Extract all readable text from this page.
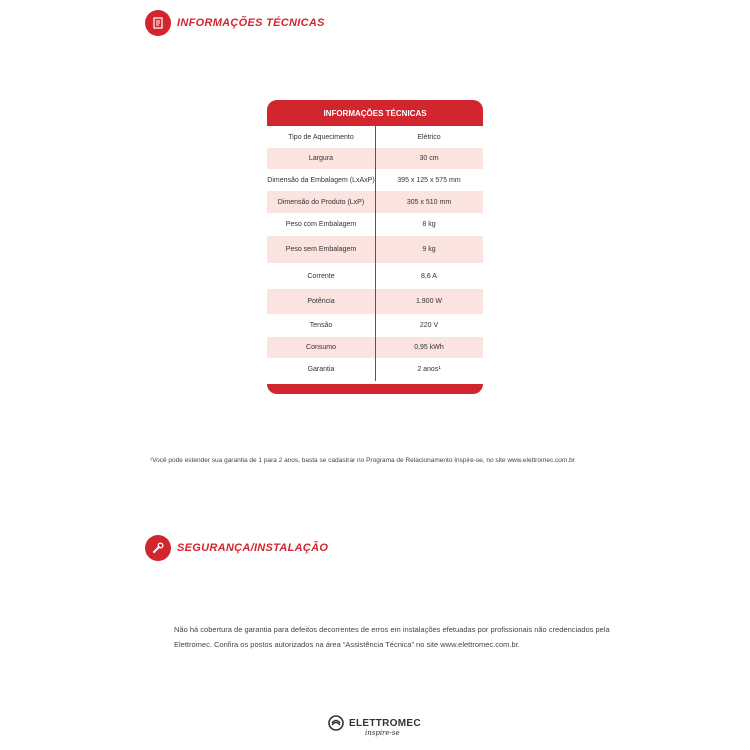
INFORMAÇÕES TÉCNICAS
INFORMAÇÕES TÉCNICAS
Tipo de Aquecimento	Elétrico
Largura	30 cm
Dimensão da Embalagem (LxAxP)	395 x 125 x 575 mm
Dimensão do Produto (LxP)	305 x 510 mm
Peso com Embalagem	8 kg
Peso sem Embalagem	9 kg
Corrente	8,6 A
Potência	1.900 W
Tensão	220 V
Consumo	0,95 kWh
Garantia	2 anos¹
¹Você pode estender sua garantia de 1 para 2 anos, basta se cadastrar no Programa de Relacionamento Inspire-se, no site www.elettromec.com.br
SEGURANÇA/INSTALAÇÃO
Não há cobertura de garantia para defeitos decorrentes de erros em instalações efetuadas por profissionais não credenciados pela Elettromec. Confira os postos autorizados na área “Assistência Técnica” no site www.elettromec.com.br.
ELETTROMEC
inspire-se
